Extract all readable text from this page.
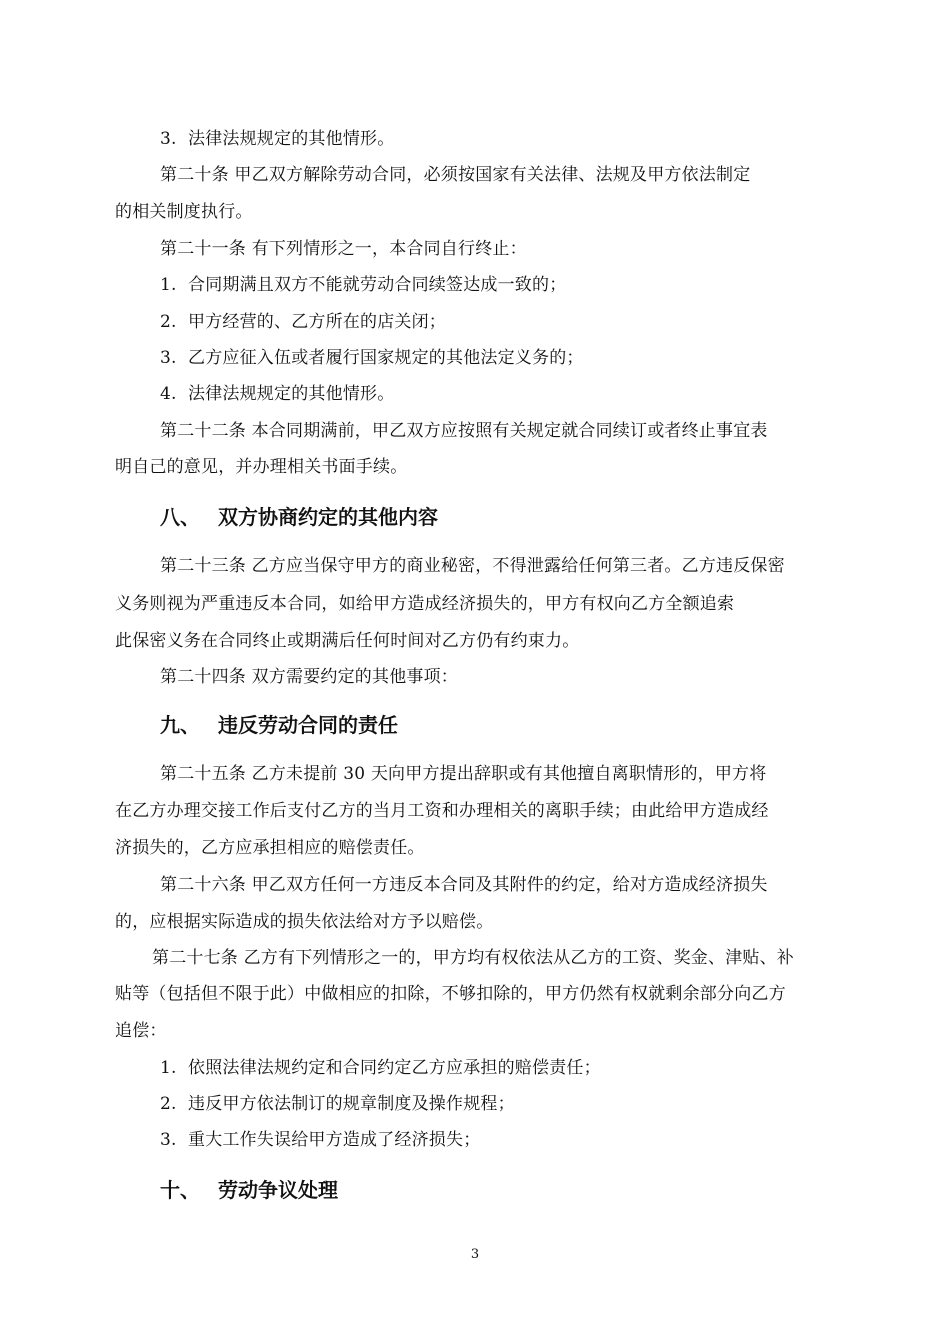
3. 法律法规规定的其他情形。
第二十条 甲乙双方解除劳动合同，必须按国家有关法律、法规及甲方依法制定
的相关制度执行。
第二十一条 有下列情形之一，本合同自行终止：
1. 合同期满且双方不能就劳动合同续签达成一致的；
2. 甲方经营的、乙方所在的店关闭；
3. 乙方应征入伍或者履行国家规定的其他法定义务的；
4. 法律法规规定的其他情形。
第二十二条 本合同期满前，甲乙双方应按照有关规定就合同续订或者终止事宜表
明自己的意见，并办理相关书面手续。
八、 双方协商约定的其他内容
第二十三条 乙方应当保守甲方的商业秘密，不得泄露给任何第三者。乙方违反保密
义务则视为严重违反本合同，如给甲方造成经济损失的，甲方有权向乙方全额追索
此保密义务在合同终止或期满后任何时间对乙方仍有约束力。
第二十四条 双方需要约定的其他事项：
九、 违反劳动合同的责任
第二十五条 乙方未提前 30 天向甲方提出辞职或有其他擅自离职情形的，甲方将
在乙方办理交接工作后支付乙方的当月工资和办理相关的离职手续；由此给甲方造成经
济损失的，乙方应承担相应的赔偿责任。
第二十六条 甲乙双方任何一方违反本合同及其附件的约定，给对方造成经济损失
的，应根据实际造成的损失依法给对方予以赔偿。
第二十七条 乙方有下列情形之一的，甲方均有权依法从乙方的工资、奖金、津贴、补
贴等（包括但不限于此）中做相应的扣除，不够扣除的，甲方仍然有权就剩余部分向乙方
追偿：
1. 依照法律法规约定和合同约定乙方应承担的赔偿责任；
2. 违反甲方依法制订的规章制度及操作规程；
3. 重大工作失误给甲方造成了经济损失；
十、 劳动争议处理
3
